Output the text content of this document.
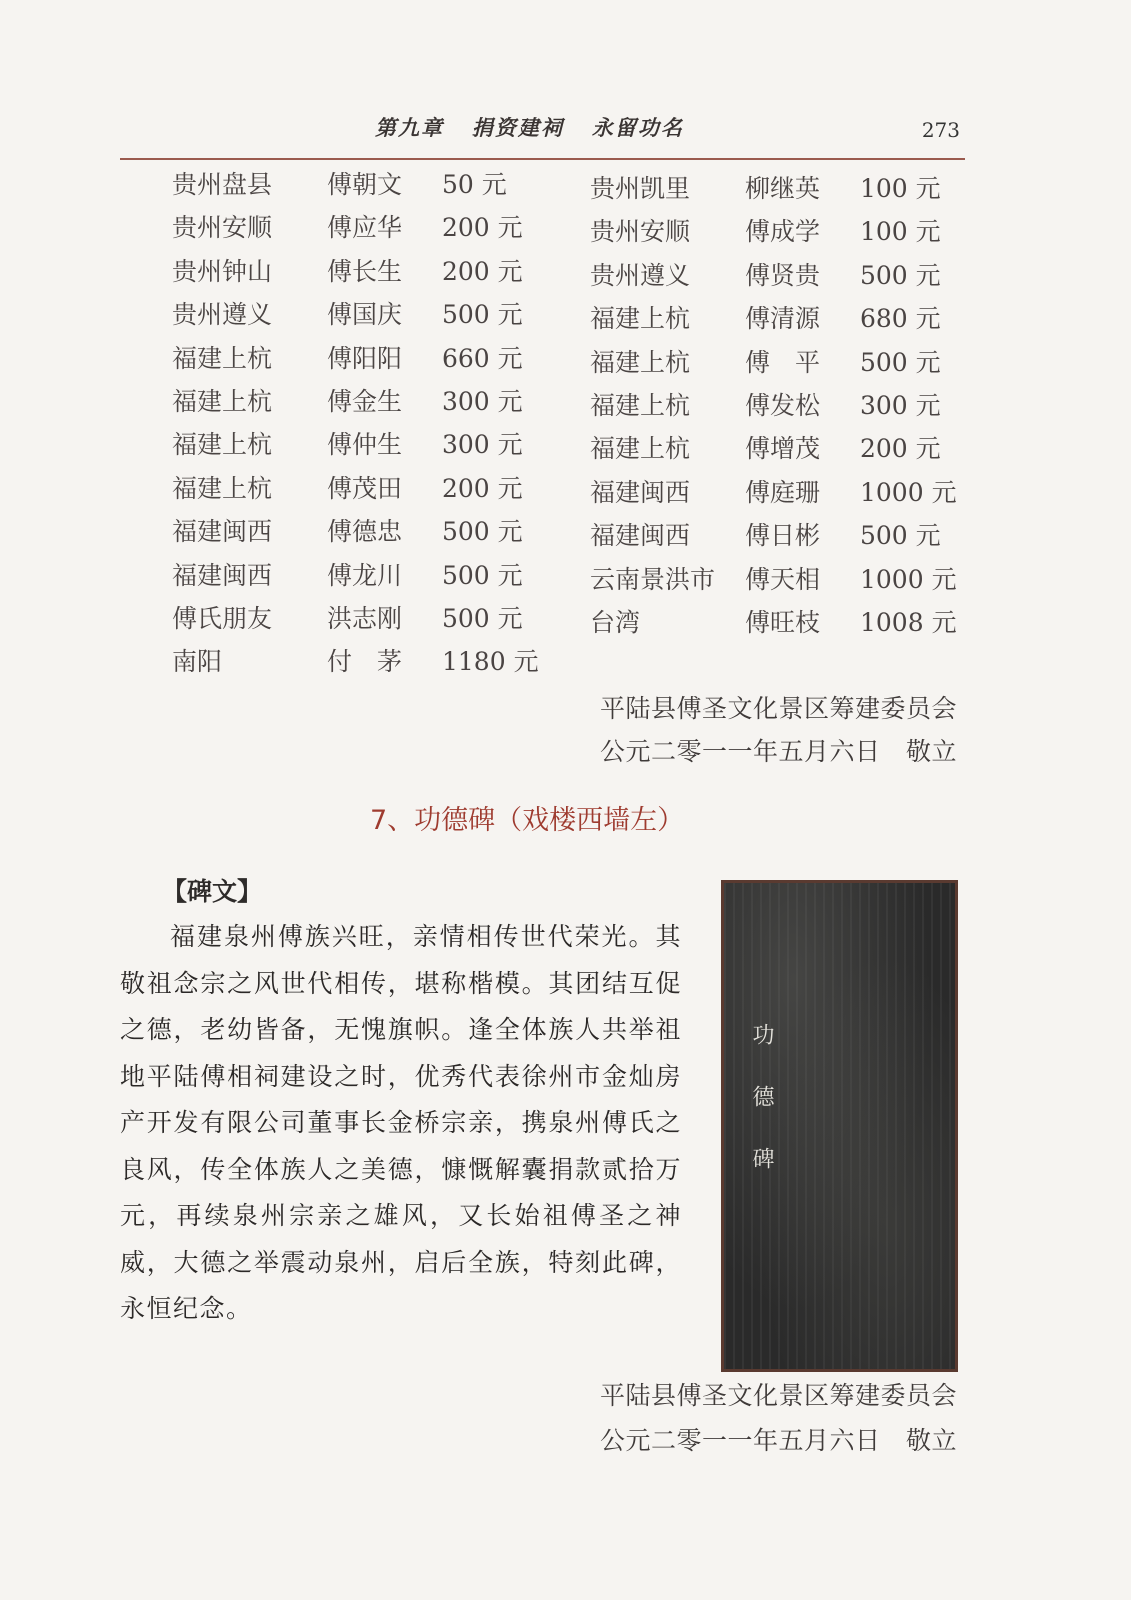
第九章   捐资建祠   永留功名	273
贵州盘县 傅朝文 50 元
贵州安顺 傅应华 200 元
贵州钟山 傅长生 200 元
贵州遵义 傅国庆 500 元
福建上杭 傅阳阳 660 元
福建上杭 傅金生 300 元
福建上杭 傅仲生 300 元
福建上杭 傅茂田 200 元
福建闽西 傅德忠 500 元
福建闽西 傅龙川 500 元
傅氏朋友 洪志刚 500 元
南阳	付　茅 1180 元
贵州凯里 柳继英 100 元
贵州安顺 傅成学 100 元
贵州遵义 傅贤贵 500 元
福建上杭 傅清源 680 元
福建上杭 傅　平 500 元
福建上杭 傅发松 300 元
福建上杭 傅增茂 200 元
福建闽西 傅庭珊 1000 元
福建闽西 傅日彬 500 元
云南景洪市 傅天相 1000 元
台湾	傅旺枝 1008 元
平陆县傅圣文化景区筹建委员会
公元二零一一年五月六日　敬立
7、功德碑（戏楼西墙左）
【碑文】
福建泉州傅族兴旺，亲情相传世代荣光。其敬祖念宗之风世代相传，堪称楷模。其团结互促之德，老幼皆备，无愧旗帜。逢全体族人共举祖地平陆傅相祠建设之时，优秀代表徐州市金灿房产开发有限公司董事长金桥宗亲，携泉州傅氏之良风，传全体族人之美德，慷慨解囊捐款贰拾万元，再续泉州宗亲之雄风，又长始祖傅圣之神威，大德之举震动泉州，启后全族，特刻此碑，永恒纪念。
功德碑
平陆县傅圣文化景区筹建委员会
公元二零一一年五月六日　敬立
